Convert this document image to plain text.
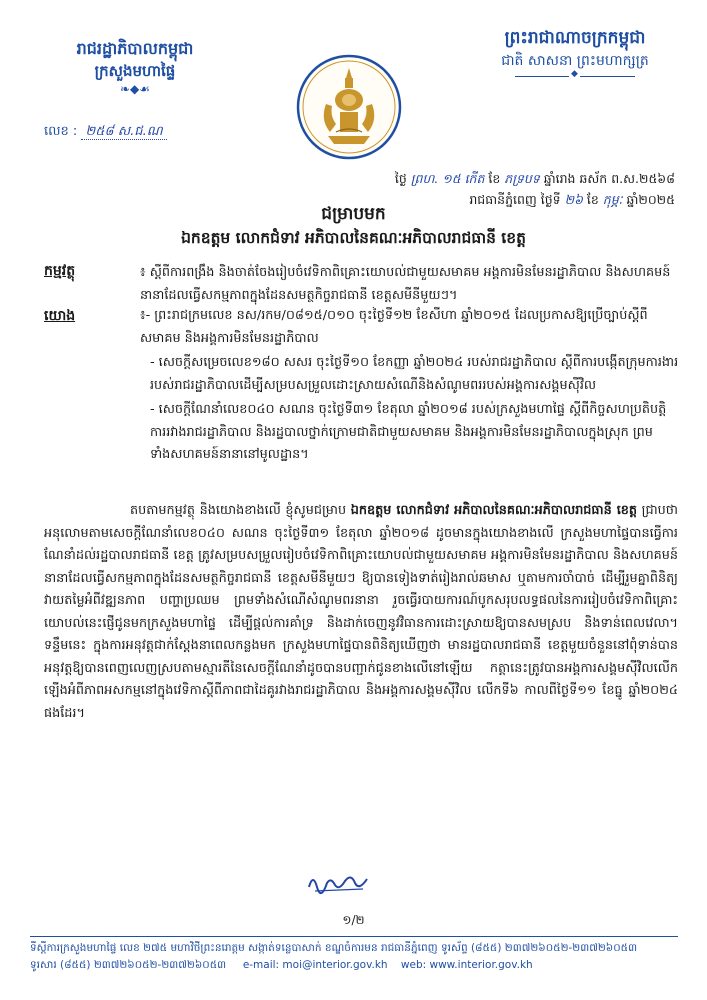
រាជរដ្ឋាភិបាលកម្ពុជា
ក្រសួងមហាផ្ទៃ
❧◆☙
លេខ : ២៥៨ ស.ជ.ណ
ព្រះរាជាណាចក្រកម្ពុជា
ជាតិ សាសនា ព្រះមហាក្សត្រ
◆
ថ្ងៃ ព្រហ. ១៥ កើត ខែ ភទ្របទ ឆ្នាំរោង ឆស័ក ព.ស.២៥៦៨
រាជធានីភ្នំពេញ ថ្ងៃទី ២៦ ខែ កុម្ភៈ ឆ្នាំ២០២៥
ជម្រាបមក
ឯកឧត្តម លោកជំទាវ អភិបាលនៃគណៈអភិបាលរាជធានី ខេត្ត
កម្មវត្ថុ	៖ ស្ដីពីការពង្រឹង និងចាត់ចែងរៀបចំវេទិកាពិគ្រោះយោបល់ជាមួយសមាគម អង្គការមិនមែនរដ្ឋាភិបាល និងសហគមន៍នានាដែលធ្វើសកម្មភាពក្នុងដែនសមត្ថកិច្ចរាជធានី ខេត្តសមីនីមួយៗ។
យោង	៖- ព្រះរាជក្រមលេខ នស/រកម/០៨១៥/០១០ ចុះថ្ងៃទី១២ ខែសីហា ឆ្នាំ២០១៥ ដែលប្រកាសឱ្យប្រើច្បាប់ស្ដីពីសមាគម និងអង្គការមិនមែនរដ្ឋាភិបាល
- សេចក្ដីសម្រេចលេខ១៨០ សសរ ចុះថ្ងៃទី១០ ខែកញ្ញា ឆ្នាំ២០២៤ របស់រាជរដ្ឋាភិបាល ស្ដីពីការបង្កើតក្រុមការងាររបស់រាជរដ្ឋាភិបាលដើម្បីសម្របសម្រួលដោះស្រាយសំណើនិងសំណូមពររបស់អង្គការសង្គមស៊ីវិល
- សេចក្ដីណែនាំលេខ០៤០ សណន ចុះថ្ងៃទី៣១ ខែតុលា ឆ្នាំ២០១៨ របស់ក្រសួងមហាផ្ទៃ ស្ដីពីកិច្ចសហប្រតិបត្តិការរវាងរាជរដ្ឋាភិបាល និងរដ្ឋបាលថ្នាក់ក្រោមជាតិជាមួយសមាគម និងអង្គការមិនមែនរដ្ឋាភិបាលក្នុងស្រុក ព្រមទាំងសហគមន៍នានានៅមូលដ្ឋាន។
តបតាមកម្មវត្ថុ និងយោងខាងលើ ខ្ញុំសូមជម្រាប ឯកឧត្តម លោកជំទាវ អភិបាលនៃគណៈអភិបាលរាជធានី ខេត្ត ជ្រាបថា អនុលោមតាមសេចក្ដីណែនាំលេខ០៤០ សណន ចុះថ្ងៃទី៣១ ខែតុលា ឆ្នាំ២០១៨ ដូចមានក្នុងយោងខាងលើ ក្រសួងមហាផ្ទៃបានធ្វើការណែនាំដល់រដ្ឋបាលរាជធានី ខេត្ត ត្រូវសម្របសម្រួលរៀបចំវេទិកាពិគ្រោះយោបល់ជាមួយសមាគម អង្គការមិនមែនរដ្ឋាភិបាល និងសហគមន៍នានាដែលធ្វើសកម្មភាពក្នុងដែនសមត្ថកិច្ចរាជធានី ខេត្តសមីនីមួយៗ ឱ្យបានទៀងទាត់រៀងរាល់ឆមាស ឬតាមការចាំបាច់ ដើម្បីរួមគ្នាពិនិត្យ វាយតម្លៃអំពីវឌ្ឍនភាព បញ្ហាប្រឈម ព្រមទាំងសំណើសំណូមពរនានា រួចធ្វើរបាយការណ៍បូកសរុបលទ្ធផលនៃការរៀបចំវេទិកាពិគ្រោះយោបល់នេះផ្ញើជូនមកក្រសួងមហាផ្ទៃ ដើម្បីផ្ដល់ការគាំទ្រ និងដាក់ចេញនូវវិធានការដោះស្រាយឱ្យបានសមស្រប និងទាន់ពេលវេលា។ ទន្ទឹមនេះ ក្នុងការអនុវត្តជាក់ស្ដែងនាពេលកន្លងមក ក្រសួងមហាផ្ទៃបានពិនិត្យឃើញថា មានរដ្ឋបាលរាជធានី ខេត្តមួយចំនួននៅពុំទាន់បានអនុវត្តឱ្យបានពេញលេញស្របតាមស្មារតីនៃសេចក្ដីណែនាំដូចបានបញ្ជាក់ជូនខាងលើនៅឡើយ កត្តានេះត្រូវបានអង្គការសង្គមស៊ីវិលលើកឡើងអំពីភាពអសកម្មនៅក្នុងវេទិកាស្ដីពីភាពជាដៃគូរវាងរាជរដ្ឋាភិបាល និងអង្គការសង្គមស៊ីវិល លើកទី៦ កាលពីថ្ងៃទី១១ ខែធ្នូ ឆ្នាំ២០២៤ ផងដែរ។
១/២
ទីស្ដីការក្រសួងមហាផ្ទៃ លេខ ២៧៥ មហាវិថីព្រះនរោត្តម សង្កាត់ទន្លេបាសាក់ ខណ្ឌចំការមន រាជធានីភ្នំពេញ ទូរស័ព្ទ (៨៥៥) ២៣៧២៦០៥២-២៣៧២៦០៥៣
ទូរសារ (៨៥៥) ២៣៧២៦០៥២-២៣៧២៦០៥៣ e-mail: moi@interior.gov.kh web: www.interior.gov.kh
